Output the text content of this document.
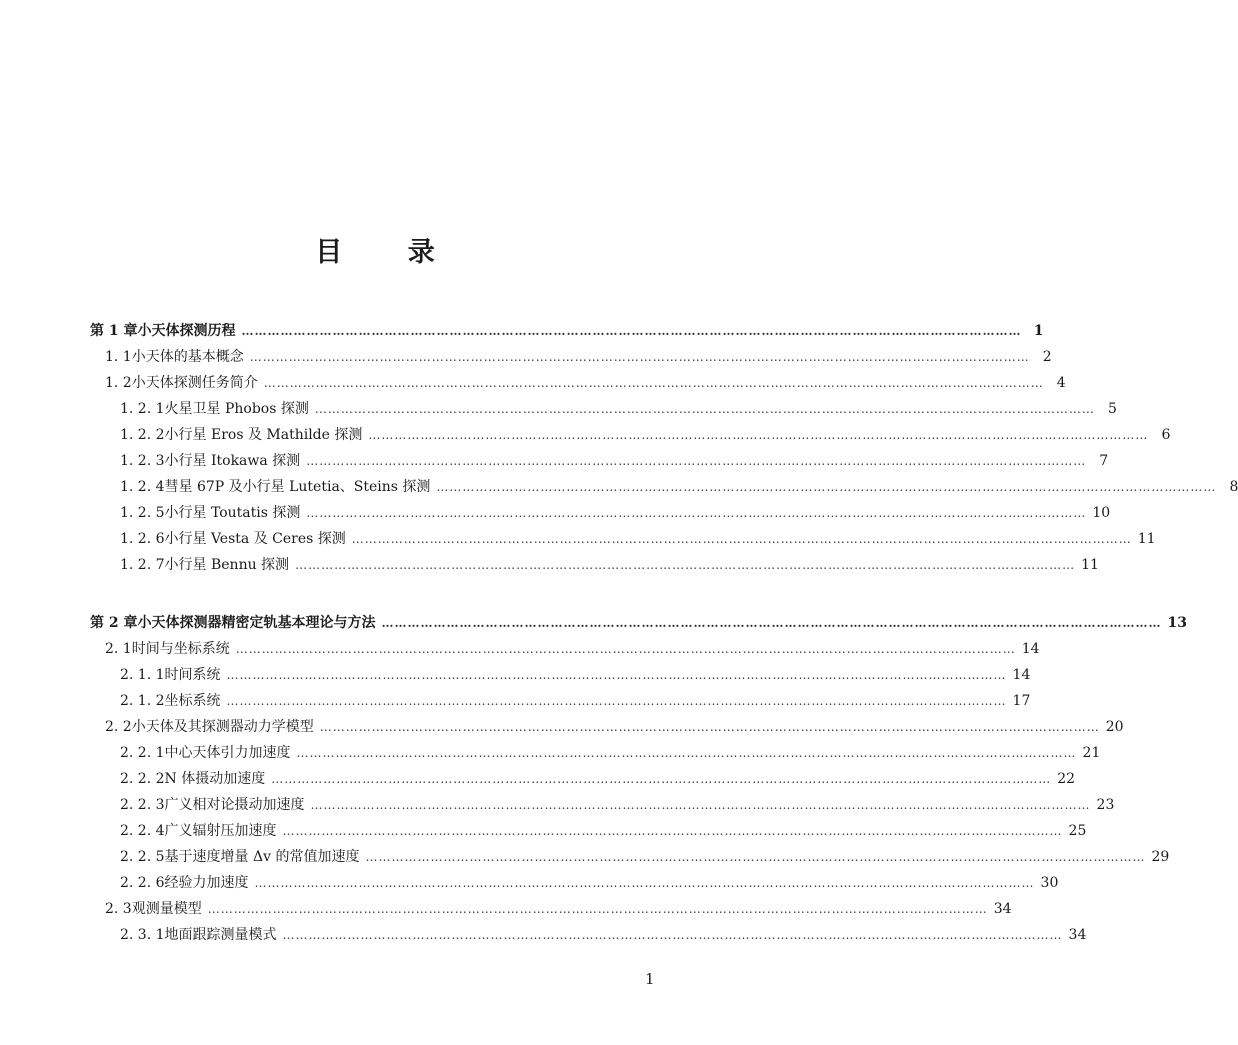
目 录
第 1 章 小天体探测历程 ……………………………………………………………………………………………………………………………………………………………… 1
1. 1 小天体的基本概念 ……………………………………………………………………………………………………………………………………………………………… 2
1. 2 小天体探测任务简介 ……………………………………………………………………………………………………………………………………………………………… 4
1. 2. 1 火星卫星 Phobos 探测 ……………………………………………………………………………………………………………………………………………………………… 5
1. 2. 2 小行星 Eros 及 Mathilde 探测 ……………………………………………………………………………………………………………………………………………………………… 6
1. 2. 3 小行星 Itokawa 探测 ……………………………………………………………………………………………………………………………………………………………… 7
1. 2. 4 彗星 67P 及小行星 Lutetia、Steins 探测 ……………………………………………………………………………………………………………………………………………………………… 8
1. 2. 5 小行星 Toutatis 探测 ……………………………………………………………………………………………………………………………………………………………… 10
1. 2. 6 小行星 Vesta 及 Ceres 探测 ……………………………………………………………………………………………………………………………………………………………… 11
1. 2. 7 小行星 Bennu 探测 ……………………………………………………………………………………………………………………………………………………………… 11
第 2 章 小天体探测器精密定轨基本理论与方法 ……………………………………………………………………………………………………………………………………………………………… 13
2. 1 时间与坐标系统 ……………………………………………………………………………………………………………………………………………………………… 14
2. 1. 1 时间系统 ……………………………………………………………………………………………………………………………………………………………… 14
2. 1. 2 坐标系统 ……………………………………………………………………………………………………………………………………………………………… 17
2. 2 小天体及其探测器动力学模型 ……………………………………………………………………………………………………………………………………………………………… 20
2. 2. 1 中心天体引力加速度 ……………………………………………………………………………………………………………………………………………………………… 21
2. 2. 2 N 体摄动加速度 ……………………………………………………………………………………………………………………………………………………………… 22
2. 2. 3 广义相对论摄动加速度 ……………………………………………………………………………………………………………………………………………………………… 23
2. 2. 4 广义辐射压加速度 ……………………………………………………………………………………………………………………………………………………………… 25
2. 2. 5 基于速度增量 Δv 的常值加速度 ……………………………………………………………………………………………………………………………………………………………… 29
2. 2. 6 经验力加速度 ……………………………………………………………………………………………………………………………………………………………… 30
2. 3 观测量模型 ……………………………………………………………………………………………………………………………………………………………… 34
2. 3. 1 地面跟踪测量模式 ……………………………………………………………………………………………………………………………………………………………… 34
1
